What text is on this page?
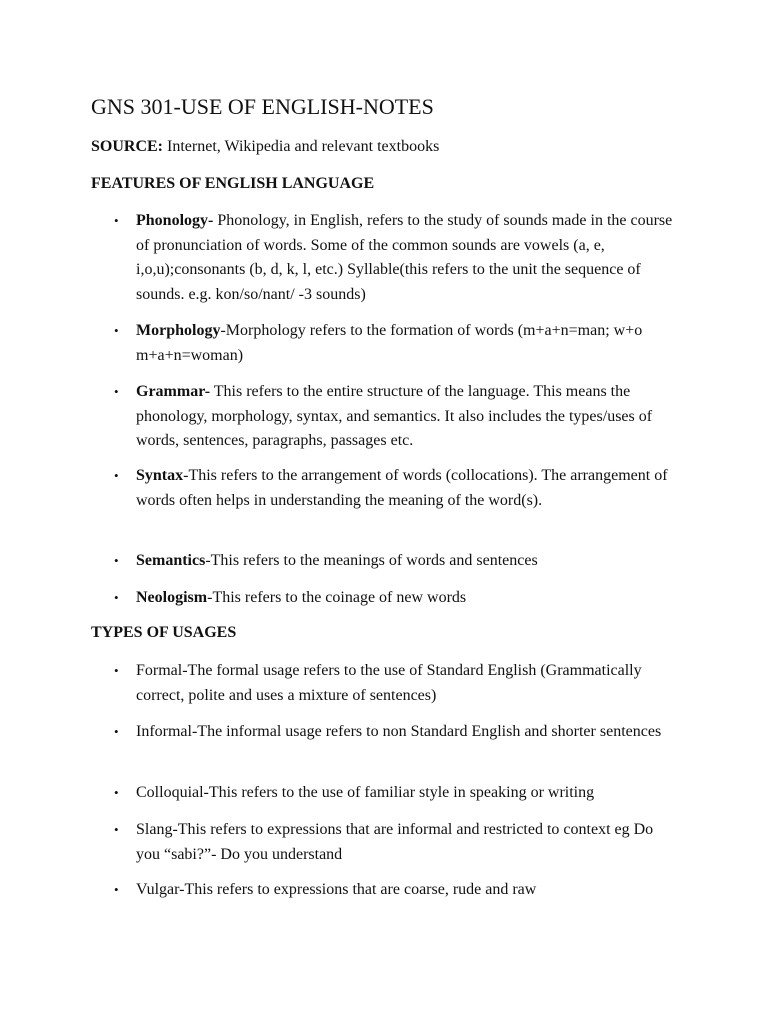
GNS 301-USE OF ENGLISH-NOTES
SOURCE: Internet, Wikipedia and relevant textbooks
FEATURES OF ENGLISH LANGUAGE
• Phonology- Phonology, in English, refers to the study of sounds made in the course of pronunciation of words. Some of the common sounds are vowels (a, e, i,o,u);consonants (b, d, k, l, etc.) Syllable(this refers to the unit the sequence of sounds. e.g. kon/so/nant/ -3 sounds)
• Morphology-Morphology refers to the formation of words (m+a+n=man; w+o m+a+n=woman)
• Grammar- This refers to the entire structure of the language. This means the phonology, morphology, syntax, and semantics. It also includes the types/uses of words, sentences, paragraphs, passages etc.
• Syntax-This refers to the arrangement of words (collocations). The arrangement of words often helps in understanding the meaning of the word(s).
• Semantics-This refers to the meanings of words and sentences
• Neologism-This refers to the coinage of new words
TYPES OF USAGES
• Formal-The formal usage refers to the use of Standard English (Grammatically correct, polite and uses a mixture of sentences)
• Informal-The informal usage refers to non Standard English and shorter sentences
• Colloquial-This refers to the use of familiar style in speaking or writing
• Slang-This refers to expressions that are informal and restricted to context eg Do you “sabi?”- Do you understand
• Vulgar-This refers to expressions that are coarse, rude and raw
